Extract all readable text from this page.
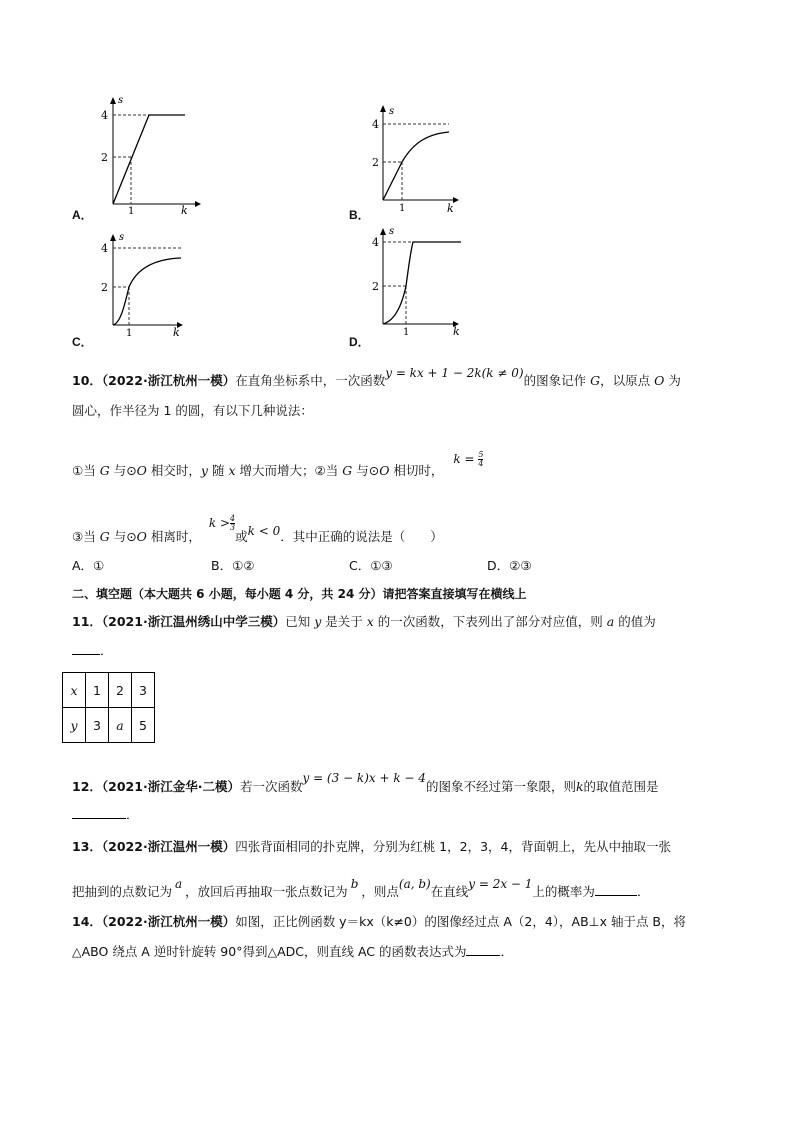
s
k
4
2
1
A．
s
k
4
2
1
B．
s
k
4
2
1
C．
s
k
4
2
1
D．
10．（2022·浙江杭州一模）在直角坐标系中，一次函数y = kx + 1 − 2k(k ≠ 0)的图象记作 G，以原点 O 为
圆心，作半径为 1 的圆，有以下几种说法：
①当 G 与⊙O 相交时，y 随 x 增大而增大；②当 G 与⊙O 相切时， $k = \frac{5}{4}$
③当 G 与⊙O 相离时， $k > \frac{4}{3}$
或k < 0．其中正确的说法是（　　）
A．①	B．①②	C．①③	D．②③
二、填空题（本大题共 6 小题，每小题 4 分，共 24 分）请把答案直接填写在横线上
11．（2021·浙江温州绣山中学三模）已知 y 是关于 x 的一次函数，下表列出了部分对应值，则 a 的值为
．
x	1	2	3
y	3	a	5
12．（2021·浙江金华·二模）若一次函数y = (3 − k)x + k − 4的图象不经过第一象限，则k的取值范围是
．
13．（2022·浙江温州一模）四张背面相同的扑克牌，分别为红桃 1，2，3，4，背面朝上，先从中抽取一张
把抽到的点数记为 a ，放回后再抽取一张点数记为 b ，则点(a, b)在直线y = 2x − 1上的概率为	．
14．（2022·浙江杭州一模）如图，正比例函数 y＝kx（k≠0）的图像经过点 A（2，4），AB⊥x 轴于点 B，将
△ABO 绕点 A 逆时针旋转 90°得到△ADC，则直线 AC 的函数表达式为	．
